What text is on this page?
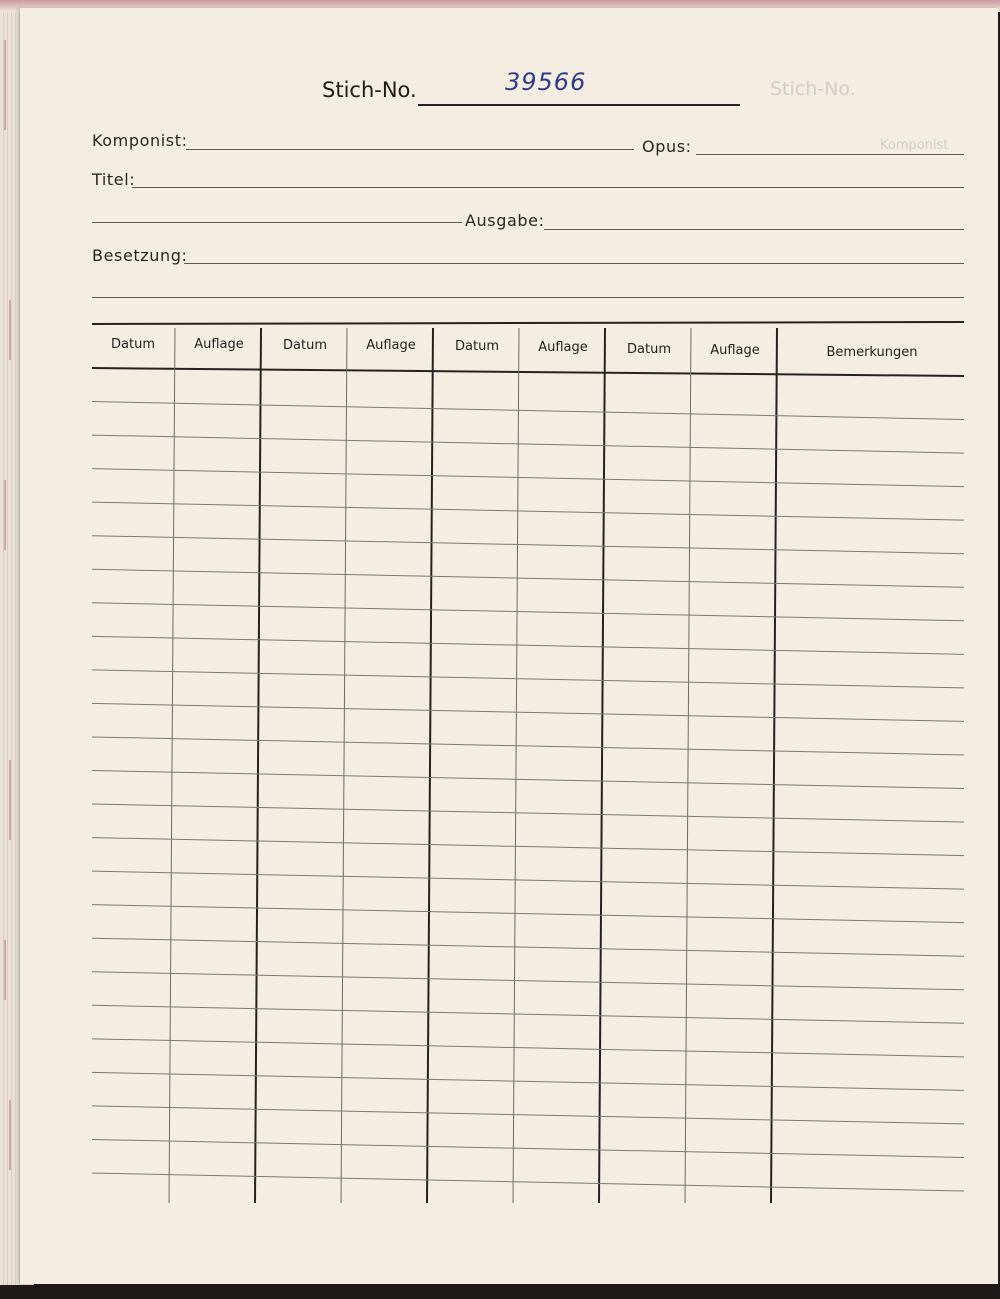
Stich-No.
Komponist
Stich-No.	39566
Komponist:	Opus:
Titel:
Ausgabe:
Besetzung:
Datum	Auflage	Datum	Auflage	Datum	Auflage	Datum	Auflage	Bemerkungen
